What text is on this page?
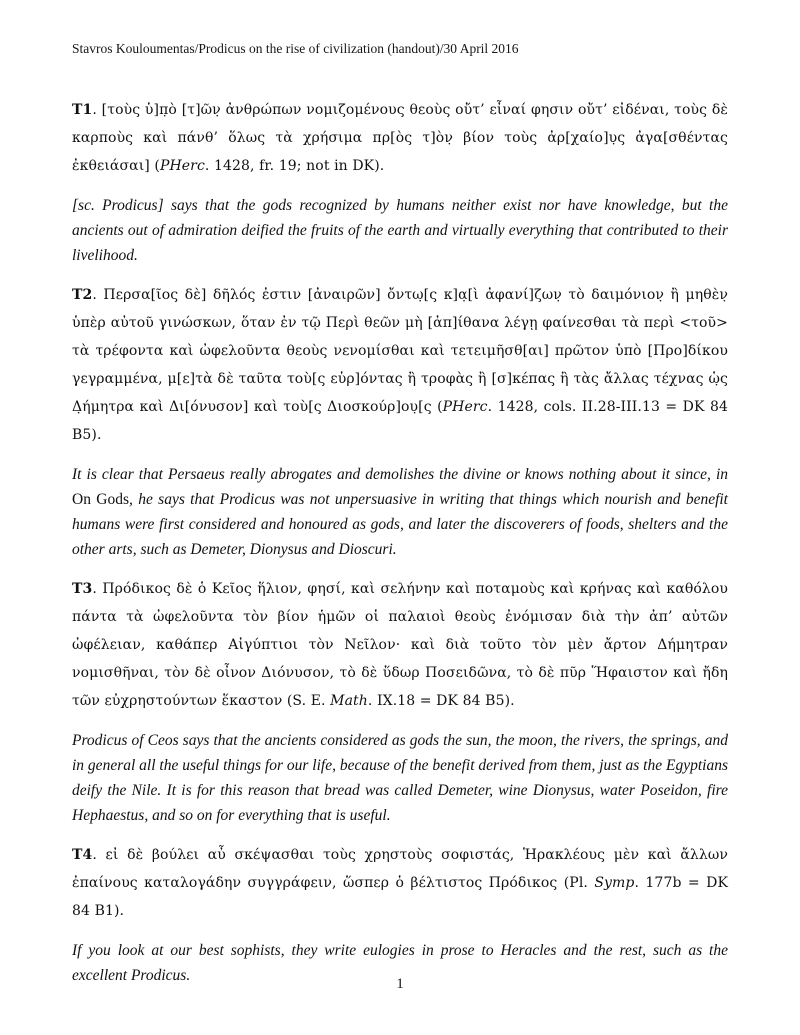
Stavros Kouloumentas/Prodicus on the rise of civilization (handout)/30 April 2016

T1. [τοὺς ὑ]π̣ὸ [τ]ῶν̣ ἀνθρώπων νομιζομένους θεοὺς οὔτ’ εἶναί φησιν οὔτ’ εἰδέναι, τοὺς δὲ καρποὺς καὶ πάνθ’ ὅλως τὰ χρήσιμα πρ[ὸς τ]ὸν̣ βίον τοὺς ἀρ[χαίο]υ̣ς ἀγα[σθέντας ἐκθειάσαι] (PHerc. 1428, fr. 19; not in DK).

[sc. Prodicus] says that the gods recognized by humans neither exist nor have knowledge, but the ancients out of admiration deified the fruits of the earth and virtually everything that contributed to their livelihood.

T2. Περσα[ῖος δὲ] δῆλός ἐστιν [ἀναιρῶν] ὄντω̣[ς κ]α̣[ὶ ἀφανί]ζων̣ τὸ δαιμόνιον̣ ἢ μηθὲν̣ ὑπὲρ αὐτοῦ γινώσκων, ὅταν ἐν τῷ Περὶ θεῶν μὴ [ἀπ]ίθανα λέγῃ φαίνεσθαι τὰ περὶ <τοῦ> τὰ τρέφοντα καὶ ὠφελοῦντα θεοὺς νενομίσθαι καὶ τετειμῆσθ[αι] πρῶτον ὑπὸ [Προ]δίκου γεγραμμένα, μ[ε]τὰ δὲ ταῦτα τοὺ[ς εὑρ]όντας ἢ τροφὰς ἢ [σ]κέπας ἢ τὰς ἄλλας τέχνας ὡ̣ς Δ̣ήμητρα καὶ Δι[όνυσον] καὶ τοὺ[ς Διοσκούρ]ου̣[ς (PHerc. 1428, cols. II.28-III.13 = DK 84 B5).

It is clear that Persaeus really abrogates and demolishes the divine or knows nothing about it since, in On Gods, he says that Prodicus was not unpersuasive in writing that things which nourish and benefit humans were first considered and honoured as gods, and later the discoverers of foods, shelters and the other arts, such as Demeter, Dionysus and Dioscuri.

T3. Πρόδικος δὲ ὁ Κεῖος ἥλιον, φησί, καὶ σελήνην καὶ ποταμοὺς καὶ κρήνας καὶ καθόλου πάντα τὰ ὠφελοῦντα τὸν βίον ἡμῶν οἱ παλαιοὶ θεοὺς ἐνόμισαν διὰ τὴν ἀπ’ αὐτῶν ὠφέλειαν, καθάπερ Αἰγύπτιοι τὸν Νεῖλον· καὶ διὰ τοῦτο τὸν μὲν ἄρτον Δήμητραν νομισθῆναι, τὸν δὲ οἶνον Διόνυσον, τὸ δὲ ὕδωρ Ποσειδῶνα, τὸ δὲ πῦρ Ἥφαιστον καὶ ἤδη τῶν εὐχρηστούντων ἕκαστον (S. E. Math. IX.18 = DK 84 B5).

Prodicus of Ceos says that the ancients considered as gods the sun, the moon, the rivers, the springs, and in general all the useful things for our life, because of the benefit derived from them, just as the Egyptians deify the Nile. It is for this reason that bread was called Demeter, wine Dionysus, water Poseidon, fire Hephaestus, and so on for everything that is useful.

T4. εἰ δὲ βούλει αὖ σκέψασθαι τοὺς χρηστοὺς σοφιστάς, Ἡρακλέους μὲν καὶ ἄλλων ἐπαίνους καταλογάδην συγγράφειν, ὥσπερ ὁ βέλτιστος Πρόδικος (Pl. Symp. 177b = DK 84 B1).

If you look at our best sophists, they write eulogies in prose to Heracles and the rest, such as the excellent Prodicus.	1
